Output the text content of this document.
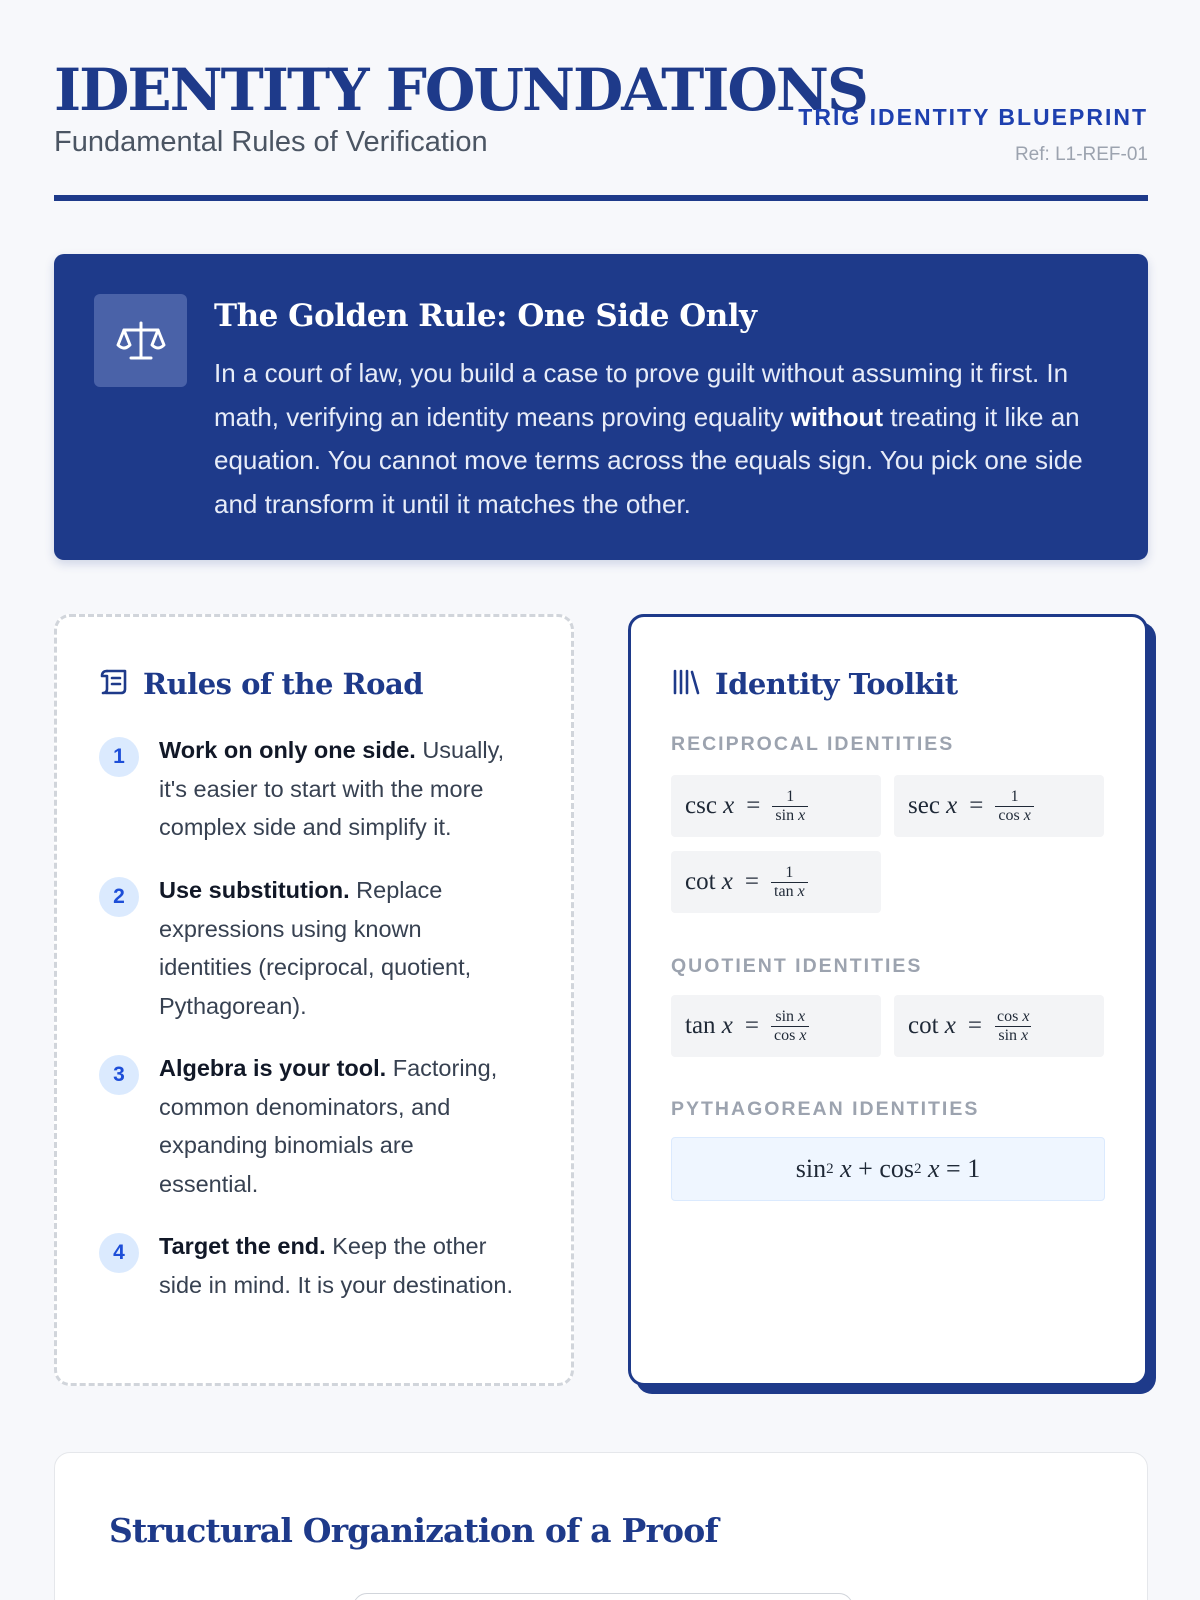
IDENTITY FOUNDATIONS
Fundamental Rules of Verification
TRIG IDENTITY BLUEPRINT
Ref: L1-REF-01
The Golden Rule: One Side Only
In a court of law, you build a case to prove guilt without assuming it first. In math, verifying an identity means proving equality without treating it like an equation. You cannot move terms across the equals sign. You pick one side and transform it until it matches the other.
Rules of the Road
1	Work on only one side. Usually, it's easier to start with the more complex side and simplify it.
2	Use substitution. Replace expressions using known identities (reciprocal, quotient, Pythagorean).
3	Algebra is your tool. Factoring, common denominators, and expanding binomials are essential.
4	Target the end. Keep the other side in mind. It is your destination.
Identity Toolkit
RECIPROCAL IDENTITIES
$\csc x = \frac{1}{\text{sin x}}$	$\sec x = \frac{1}{\text{cos x}}$
$\cot x = \frac{1}{\text{tan x}}$
QUOTIENT IDENTITIES
$\tan x = \frac{\text{sin x}}{\text{cos x}}$	$\cot x = \frac{\text{cos x}}{\text{sin x}}$
PYTHAGOREAN IDENTITIES
sin 2
x
+
cos 2
x
=
1
Structural Organization of a Proof
